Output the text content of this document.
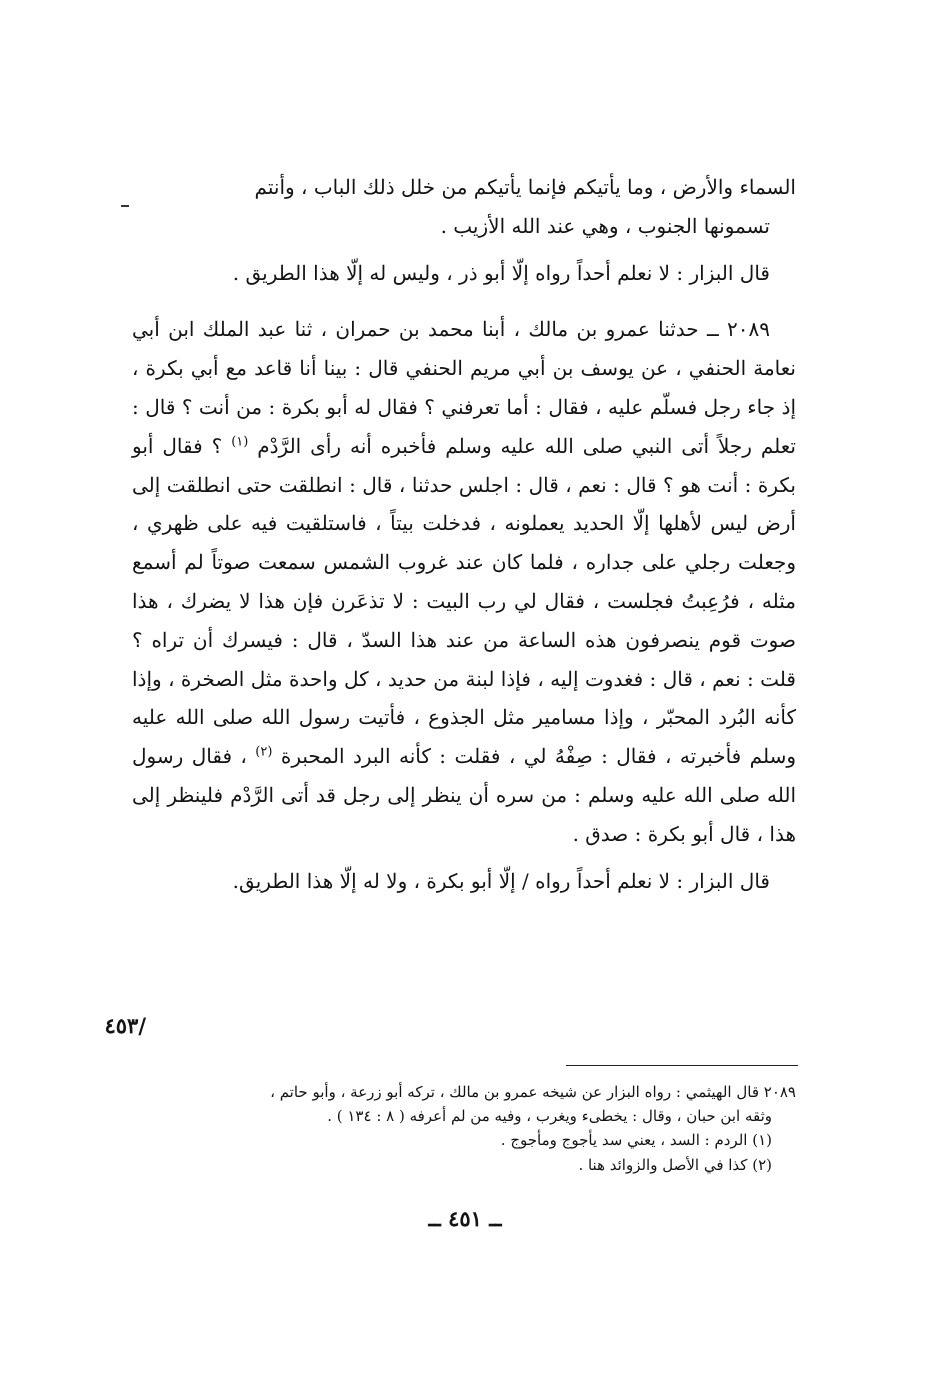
السماء والأرض ، وما يأتيكم فإنما يأتيكم من خلل ذلك الباب ، وأنتم

تسمونها الجنوب ، وهي عند الله الأزيب .

قال البزار : لا نعلم أحداً رواه إلّا أبو ذر ، وليس له إلّا هذا الطريق .

٢٠٨٩ ــ حدثنا عمرو بن مالك ، أبنا محمد بن حمران ، ثنا عبد الملك ابن أبي نعامة الحنفي ، عن يوسف بن أبي مريم الحنفي قال : بينا أنا قاعد مع أبي بكرة ، إذ جاء رجل فسلّم عليه ، فقال : أما تعرفني ؟ فقال له أبو بكرة : من أنت ؟ قال : تعلم رجلاً أتى النبي صلى الله عليه وسلم فأخبره أنه رأى الرَّدْم $^{(١)}$ ؟ فقال أبو بكرة : أنت هو ؟ قال : نعم ، قال : اجلس حدثنا ، قال : انطلقت حتى انطلقت إلى أرض ليس لأهلها إلّا الحديد يعملونه ، فدخلت بيتاً ، فاستلقيت فيه على ظهري ، وجعلت رجلي على جداره ، فلما كان عند غروب الشمس سمعت صوتاً لم أسمع مثله ، فرُعِبتُ فجلست ، فقال لي رب البيت : لا تذعَرن فإن هذا لا يضرك ، هذا صوت قوم ينصرفون هذه الساعة من عند هذا السدّ ، قال : فيسرك أن تراه ؟ قلت : نعم ، قال : فغدوت إليه ، فإذا لبنة من حديد ، كل واحدة مثل الصخرة ، وإذا كأنه البُرد المحبّر ، وإذا مسامير مثل الجذوع ، فأتيت رسول الله صلى الله عليه وسلم فأخبرته ، فقال : صِفْهُ لي ، فقلت : كأنه البرد المحبرة $^{(٢)}$ ، فقال رسول الله صلى الله عليه وسلم : من سره أن ينظر إلى رجل قد أتى الرَّدْم فلينظر إلى هذا ، قال أبو بكرة : صدق .

قال البزار : لا نعلم أحداً رواه / إلّا أبو بكرة ، ولا له إلّا هذا الطريق.

/٤٥٣

٢٠٨٩ قال الهيثمي : رواه البزار عن شيخه عمرو بن مالك ، تركه أبو زرعة ، وأبو حاتم ،

وثقه ابن حبان ، وقال : يخطىء ويغرب ، وفيه من لم أعرفه ( ٨ : ١٣٤ ) .

(١) الردم : السد ، يعني سد يأجوج ومأجوج .

(٢) كذا في الأصل والزوائد هنا .

ــ ٤٥١ ــ
